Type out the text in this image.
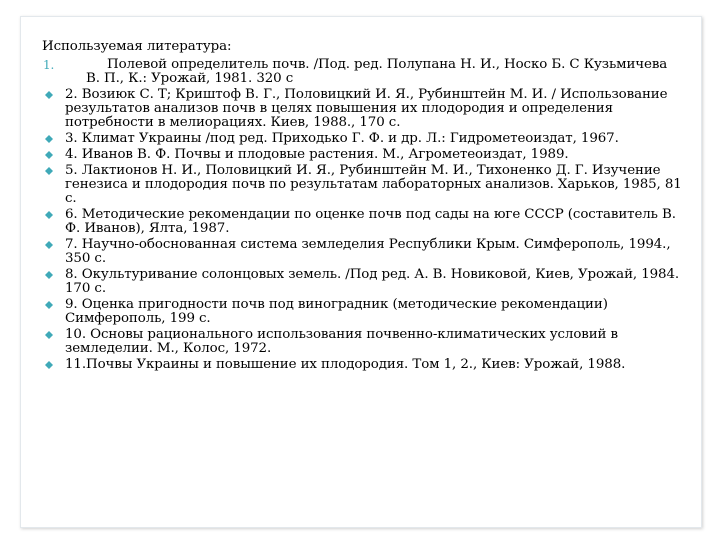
Используемая литература:

1.	Полевой определитель почв. /Под. ред. Полупана Н. И., Носко Б. С Кузьмичева В. П., К.: Урожай, 1981. 320 с
2. Возиюк С. Т; Криштоф В. Г., Половицкий И. Я., Рубинштейн М. И. / Использование результатов анализов почв в целях повышения их плодородия и определения потребности в мелиорациях. Киев, 1988., 170 с.
3. Климат Украины /под ред. Приходько Г. Ф. и др. Л.: Гидрометеоиздат, 1967.
4. Иванов В. Ф. Почвы и плодовые растения. М., Агрометеоиздат, 1989.
5. Лактионов Н. И., Половицкий И. Я., Рубинштейн М. И., Тихоненко Д. Г. Изучение генезиса и плодородия почв по результатам лабораторных анализов. Харьков, 1985, 81 с.
6. Методические рекомендации по оценке почв под сады на юге СССР (составитель В. Ф. Иванов), Ялта, 1987.
7. Научно-обоснованная система земледелия Республики Крым. Симферополь, 1994., 350 с.
8. Окультуривание солонцовых земель. /Под ред. А. В. Новиковой, Киев, Урожай, 1984. 170 с.
9. Оценка пригодности почв под виноградник (методические рекомендации) Симферополь, 199 с.
10. Основы рационального использования почвенно-климатических условий в земледелии. М., Колос, 1972.
11.Почвы Украины и повышение их плодородия. Том 1, 2., Киев: Урожай, 1988.
